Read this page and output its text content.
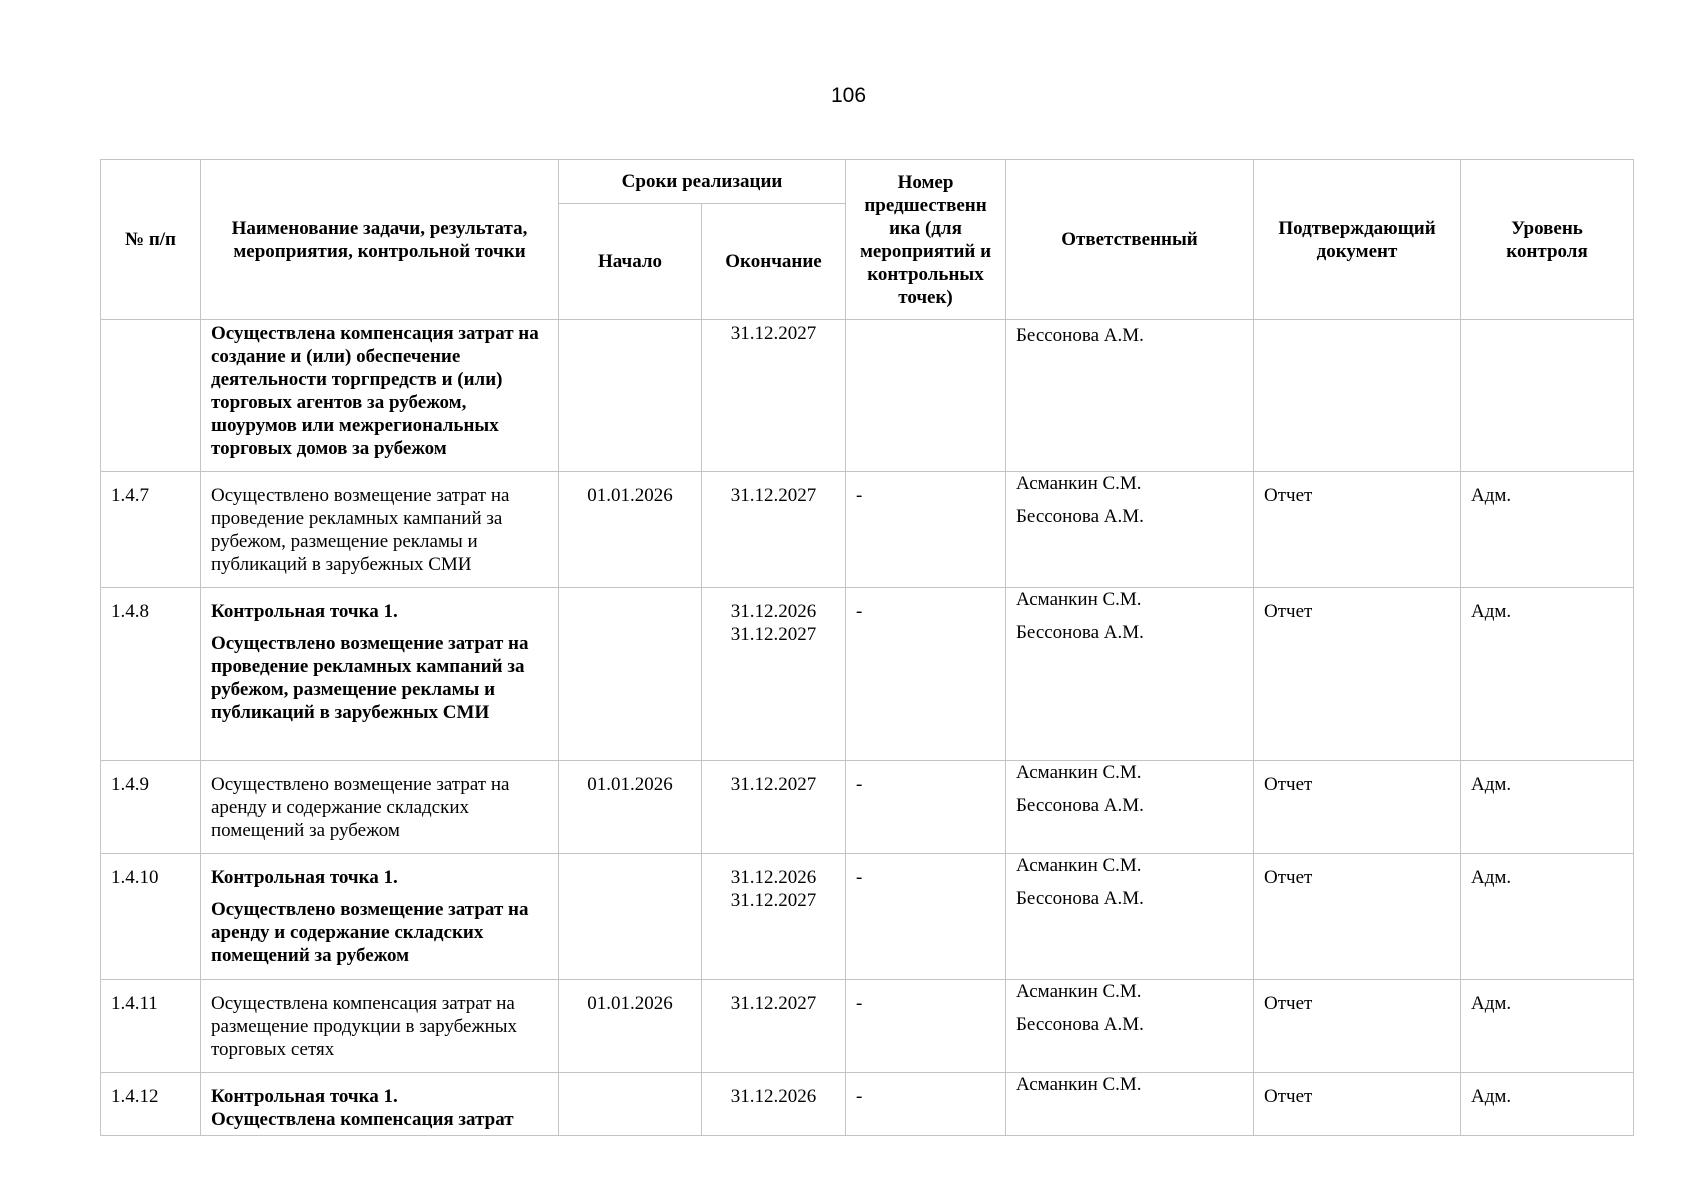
106
№ п/п	Наименование задачи, результата, мероприятия, контрольной точки	Сроки реализации		Номер предшественн ика (для мероприятий и контрольных точек)	Ответственный	Подтверждающий документ	Уровень контроля
		Начало	Окончание				
	Осуществлена компенсация затрат на создание и (или) обеспечение деятельности торгпредств и (или) торговых агентов за рубежом, шоурумов или межрегиональных торговых домов за рубежом		31.12.2027		Бессонова А.М.		

1.4.7	Осуществлено возмещение затрат на проведение рекламных кампаний за рубежом, размещение рекламы и публикаций в зарубежных СМИ	01.01.2026	31.12.2027	-	Асманкин С.М.
Бессонова А.М.	Отчет	Адм.
1.4.8	Контрольная точка 1.
Осуществлено возмещение затрат на проведение рекламных кампаний за рубежом, размещение рекламы и публикаций в зарубежных СМИ		31.12.2026
31.12.2027	-	Асманкин С.М.
Бессонова А.М.	Отчет	Адм.
1.4.9	Осуществлено возмещение затрат на аренду и содержание складских помещений за рубежом	01.01.2026	31.12.2027	-	Асманкин С.М.
Бессонова А.М.	Отчет	Адм.
1.4.10	Контрольная точка 1.
Осуществлено возмещение затрат на аренду и содержание складских помещений за рубежом		31.12.2026
31.12.2027	-	Асманкин С.М.
Бессонова А.М.	Отчет	Адм.
1.4.11	Осуществлена компенсация затрат на размещение продукции в зарубежных торговых сетях	01.01.2026	31.12.2027	-	Асманкин С.М.
Бессонова А.М.	Отчет	Адм.
1.4.12	Контрольная точка 1.
Осуществлена компенсация затрат		31.12.2026	-	Асманкин С.М.	Отчет	Адм.
